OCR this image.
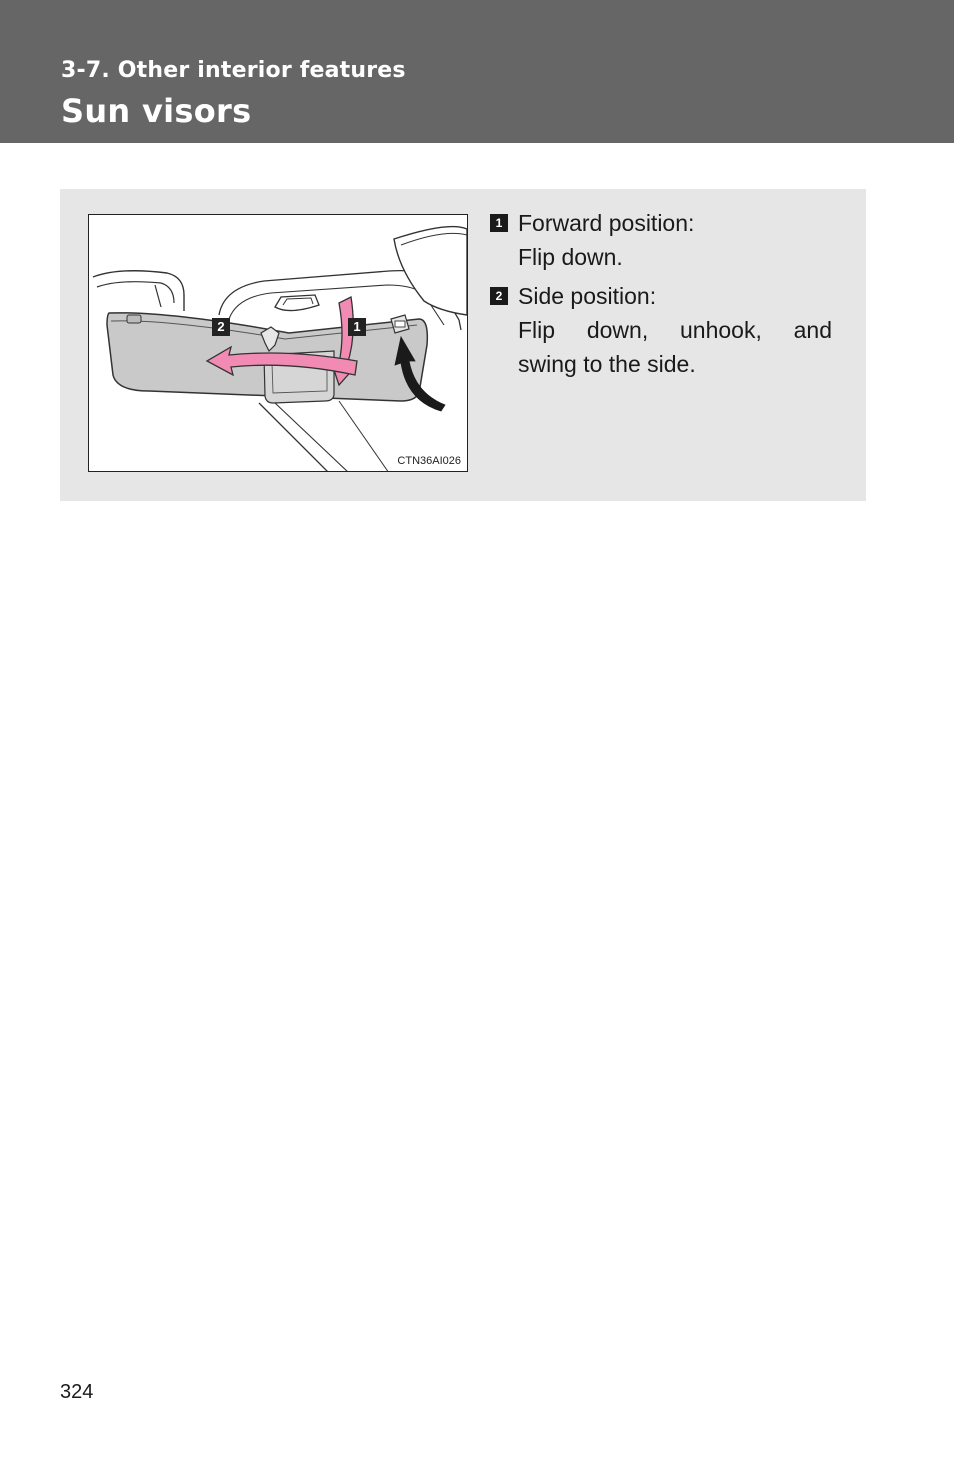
3-7. Other interior features
Sun visors
2	1
CTN36AI026
1 Forward position:
Flip down.
2 Side position:
Flip down, unhook, and
swing to the side.
324
